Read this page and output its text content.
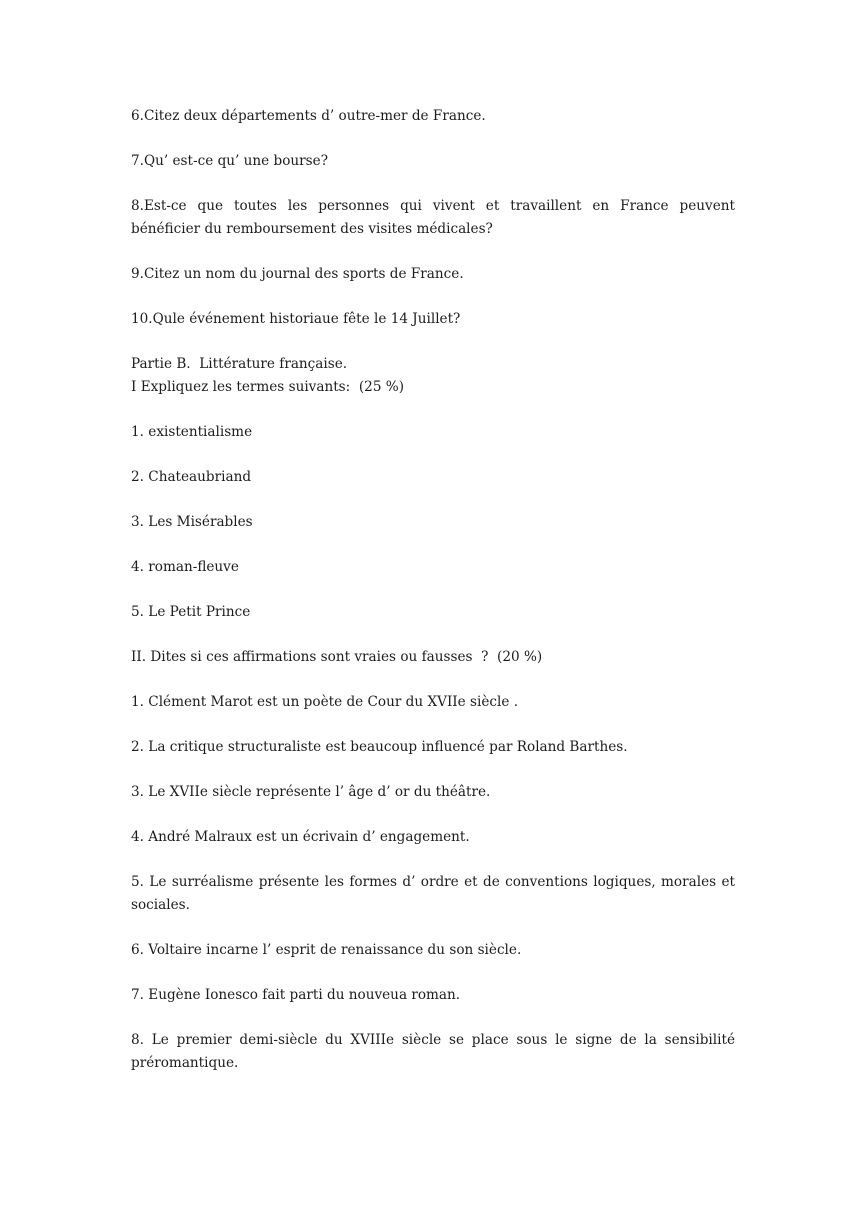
6.Citez deux départements d’ outre-mer de France.

7.Qu’ est-ce qu’ une bourse?

8.Est-ce que toutes les personnes qui vivent et travaillent en France peuvent bénéficier du remboursement des visites médicales?

9.Citez un nom du journal des sports de France.

10.Qule événement historiaue fête le 14 Juillet?

Partie B.  Littérature française.

I Expliquez les termes suivants:  (25 %)

1. existentialisme

2. Chateaubriand

3. Les Misérables

4. roman-fleuve

5. Le Petit Prince

II. Dites si ces affirmations sont vraies ou fausses  ?  (20 %)

1. Clément Marot est un poète de Cour du XVIIe siècle .

2. La critique structuraliste est beaucoup influencé par Roland Barthes.

3. Le XVIIe siècle représente l’ âge d’ or du théâtre.

4. André Malraux est un écrivain d’ engagement.

5. Le surréalisme présente les formes d’ ordre et de conventions logiques, morales et sociales.

6. Voltaire incarne l’ esprit de renaissance du son siècle.

7. Eugène Ionesco fait parti du nouveua roman.

8. Le premier demi-siècle du XVIIIe siècle se place sous le signe de la sensibilité préromantique.
